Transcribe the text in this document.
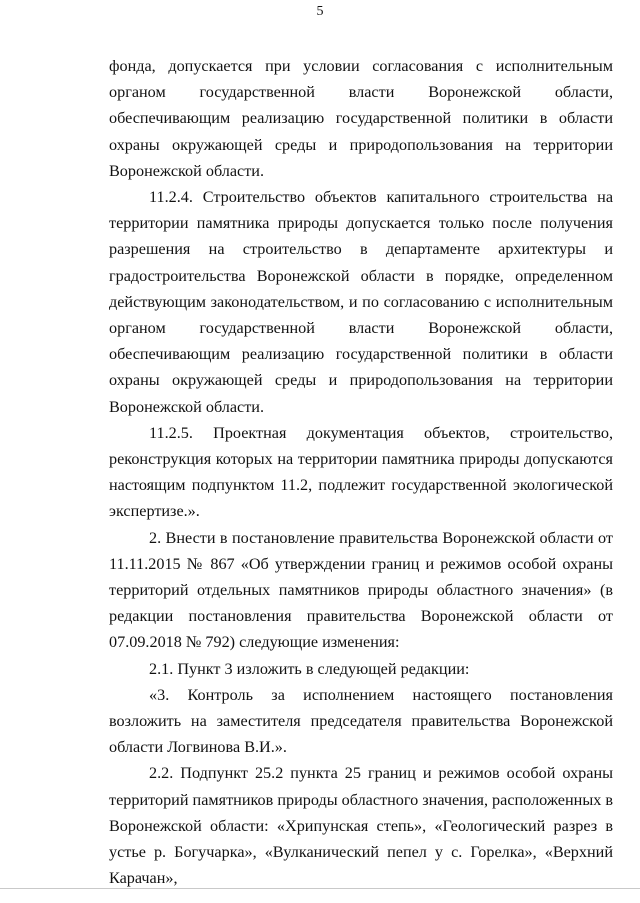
5

фонда, допускается при условии согласования с исполнительным органом государственной власти Воронежской области, обеспечивающим реализацию государственной политики в области охраны окружающей среды и природопользования на территории Воронежской области.

11.2.4. Строительство объектов капитального строительства на территории памятника природы допускается только после получения разрешения на строительство в департаменте архитектуры и градостроительства Воронежской области в порядке, определенном действующим законодательством, и по согласованию с исполнительным органом государственной власти Воронежской области, обеспечивающим реализацию государственной политики в области охраны окружающей среды и природопользования на территории Воронежской области.

11.2.5. Проектная документация объектов, строительство, реконструкция которых на территории памятника природы допускаются настоящим подпунктом 11.2, подлежит государственной экологической экспертизе.».

2. Внести в постановление правительства Воронежской области от 11.11.2015 № 867 «Об утверждении границ и режимов особой охраны территорий отдельных памятников природы областного значения» (в редакции постановления правительства Воронежской области от 07.09.2018 № 792) следующие изменения:

2.1. Пункт 3 изложить в следующей редакции:

«3. Контроль за исполнением настоящего постановления возложить на заместителя председателя правительства Воронежской области Логвинова В.И.».

2.2. Подпункт 25.2 пункта 25 границ и режимов особой охраны территорий памятников природы областного значения, расположенных в Воронежской области: «Хрипунская степь», «Геологический разрез в устье р. Богучарка», «Вулканический пепел у с. Горелка», «Верхний Карачан»,
